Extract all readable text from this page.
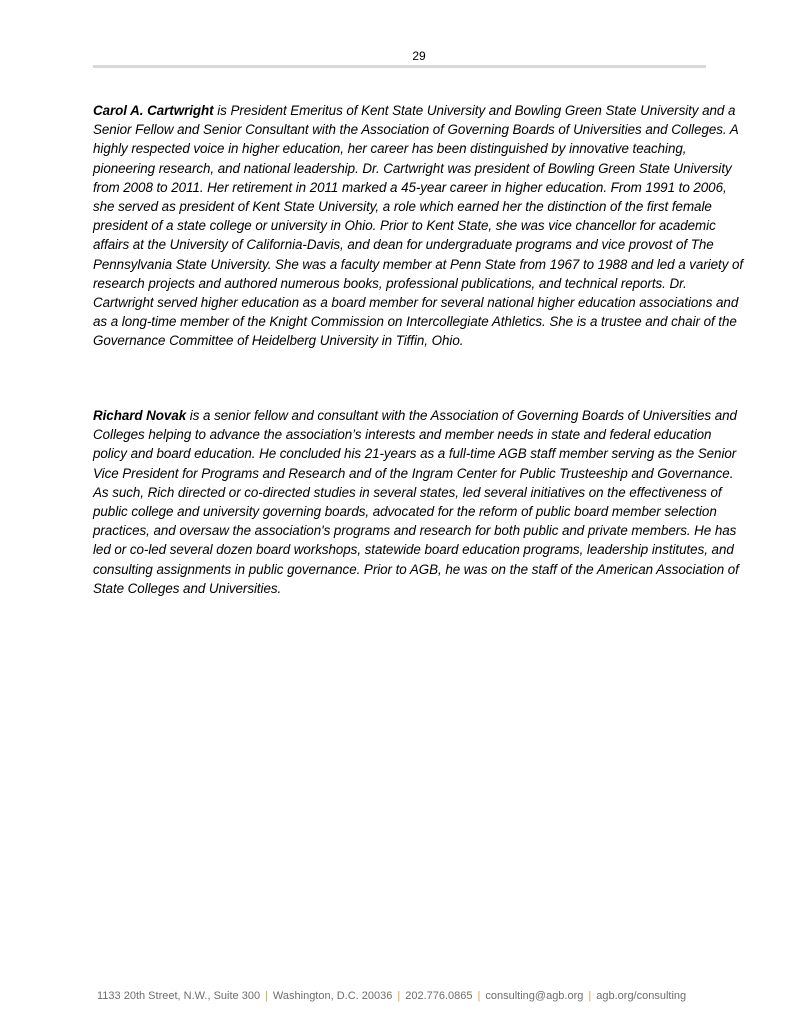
29

Carol A. Cartwright is President Emeritus of Kent State University and Bowling Green State University and a Senior Fellow and Senior Consultant with the Association of Governing Boards of Universities and Colleges. A highly respected voice in higher education, her career has been distinguished by innovative teaching, pioneering research, and national leadership. Dr. Cartwright was president of Bowling Green State University from 2008 to 2011. Her retirement in 2011 marked a 45-year career in higher education. From 1991 to 2006, she served as president of Kent State University, a role which earned her the distinction of the first female president of a state college or university in Ohio. Prior to Kent State, she was vice chancellor for academic affairs at the University of California-Davis, and dean for undergraduate programs and vice provost of The Pennsylvania State University. She was a faculty member at Penn State from 1967 to 1988 and led a variety of research projects and authored numerous books, professional publications, and technical reports. Dr. Cartwright served higher education as a board member for several national higher education associations and as a long-time member of the Knight Commission on Intercollegiate Athletics. She is a trustee and chair of the Governance Committee of Heidelberg University in Tiffin, Ohio.

Richard Novak is a senior fellow and consultant with the Association of Governing Boards of Universities and Colleges helping to advance the association’s interests and member needs in state and federal education policy and board education. He concluded his 21-years as a full-time AGB staff member serving as the Senior Vice President for Programs and Research and of the Ingram Center for Public Trusteeship and Governance. As such, Rich directed or co-directed studies in several states, led several initiatives on the effectiveness of public college and university governing boards, advocated for the reform of public board member selection practices, and oversaw the association's programs and research for both public and private members. He has led or co-led several dozen board workshops, statewide board education programs, leadership institutes, and consulting assignments in public governance. Prior to AGB, he was on the staff of the American Association of State Colleges and Universities.

1133 20th Street, N.W., Suite 300 | Washington, D.C. 20036 | 202.776.0865 | consulting@agb.org | agb.org/consulting
